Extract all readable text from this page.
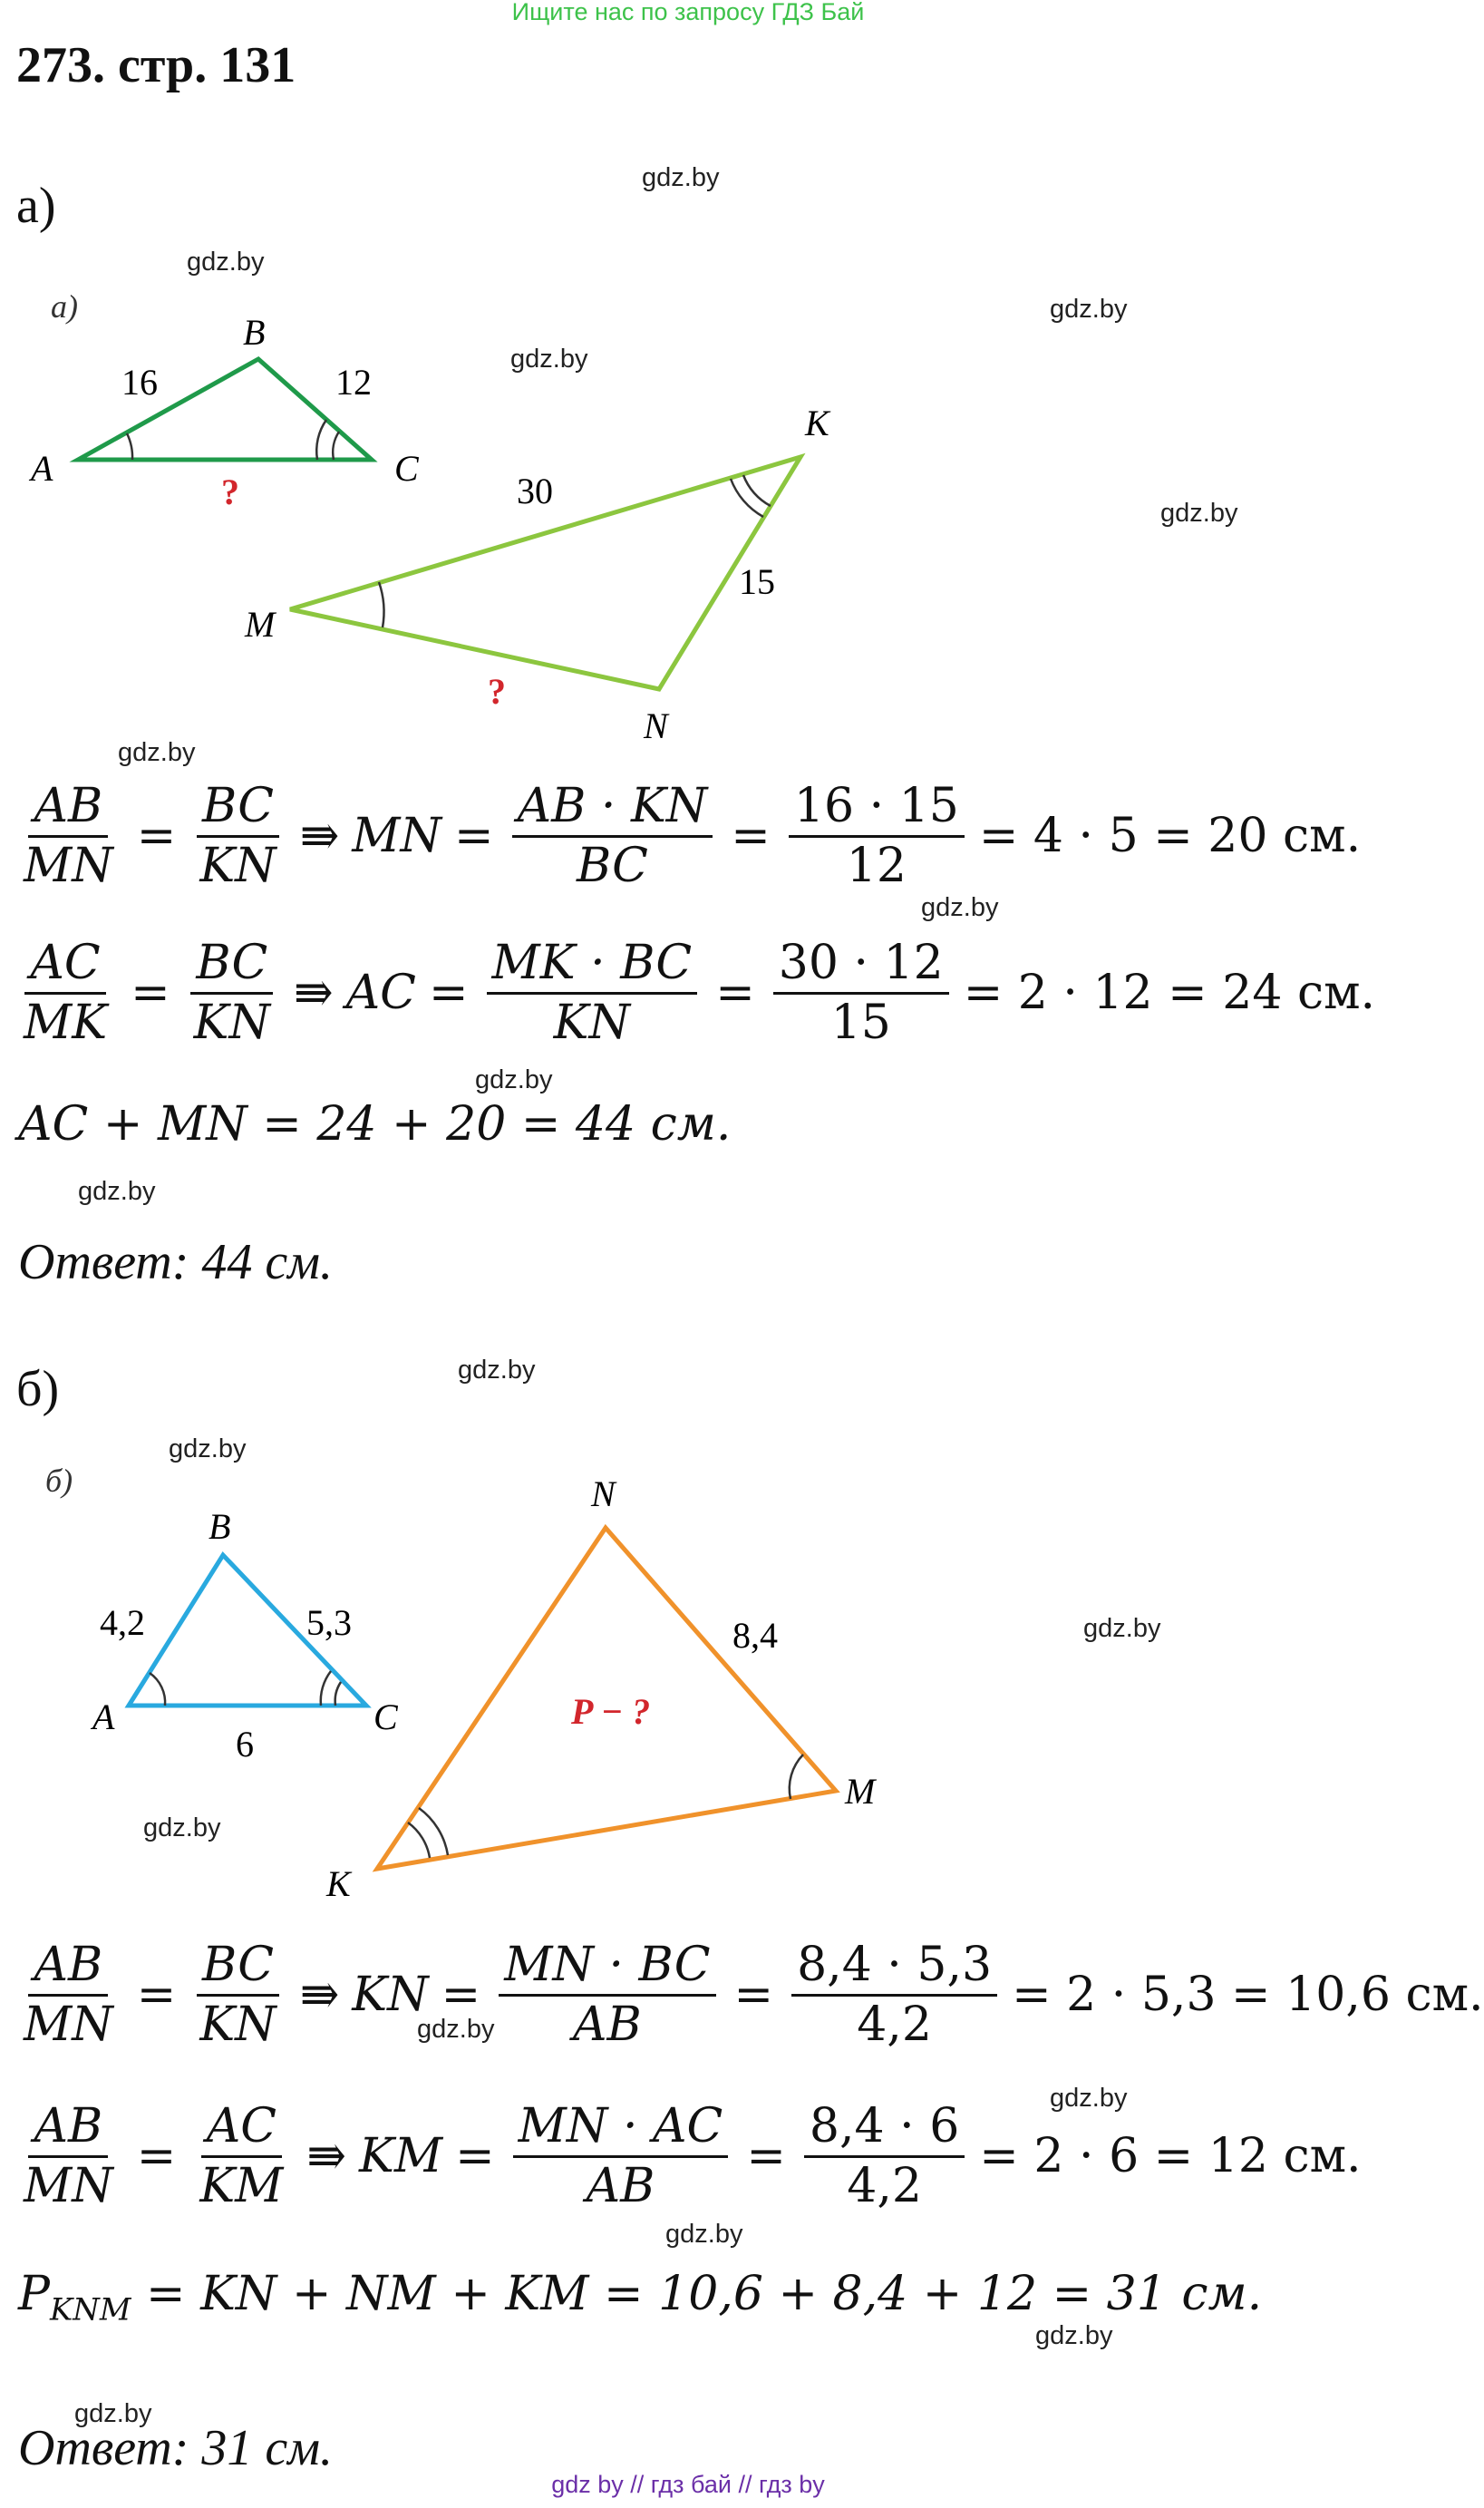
Ищите нас по запросу ГДЗ Бай
273. стр. 131
а)	gdz.by
gdz.by
gdz.by
gdz.by
gdz.by
gdz.by
а)
A
B
C
16	12
?
M
K
N
30
15
?
$\frac{AB}{MN} = \frac{BC}{KN}$ ⇛ MN = $\frac{AB \cdot KN}{BC} = \frac{16 \cdot 15}{12} = 4 \cdot 5 = 20$ см.
gdz.by
$\frac{AC}{MK} = \frac{BC}{KN}$ ⇛ AC = $\frac{MK \cdot BC}{KN} = \frac{30 \cdot 12}{15} = 2 \cdot 12 = 24$ см.
gdz.by
AC + MN = 24 + 20 = 44 см.
gdz.by
Ответ: 44 см.
gdz.by
б)
gdz.by
gdz.by
gdz.by
б)
A
B
C
4,2	5,3
6
N
M
K
8,4
P − ?
$\frac{AB}{MN} = \frac{BC}{KN}$ ⇛ KN = $\frac{MN \cdot BC}{AB} = \frac{8,4 \cdot 5,3}{4,2} = 2 \cdot 5,3 = 10,6$ см.
gdz.by
gdz.by
$\frac{AB}{MN} = \frac{AC}{KM}$ ⇛ KM = $\frac{MN \cdot AC}{AB} = \frac{8,4 \cdot 6}{4,2} = 2 \cdot 6 = 12$ см.
gdz.by
$P_{KNM}$ = KN + NM + KM = 10,6 + 8,4 + 12 = 31 см.
gdz.by
gdz.by
Ответ: 31 см.
gdz by // гдз бай // гдз by
